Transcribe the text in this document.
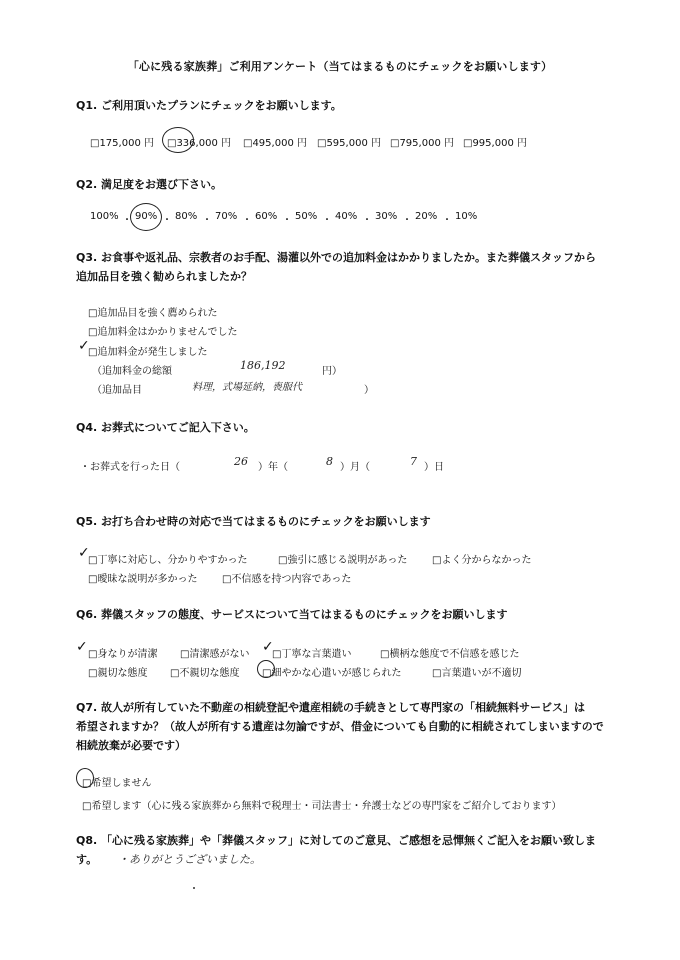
「心に残る家族葬」ご利用アンケート（当てはまるものにチェックをお願いします）
Q1. ご利用頂いたプランにチェックをお願いします。
□175,000 円 □336,000 円 □495,000 円 □595,000 円 □795,000 円 □995,000 円
Q2. 満足度をお選び下さい。
100% ・ 90% ・ 80% ・ 70% ・ 60% ・ 50% ・ 40% ・ 30% ・ 20% ・ 10%
Q3. お食事や返礼品、宗教者のお手配、湯灌以外での追加料金はかかりましたか。また葬儀スタッフから
追加品目を強く勧められましたか？
□追加品目を強く薦められた
□追加料金はかかりませんでした
□追加料金が発生しました
✓
（追加料金の総額	186,192	円）
（追加品目	料理，式場延納，喪服代	）
Q4. お葬式についてご記入下さい。
・お葬式を行った日（	26 ）年（	8 ）月（	7 ）日
Q5. お打ち合わせ時の対応で当てはまるものにチェックをお願いします
□丁寧に対応し、分かりやすかった
✓	□強引に感じる説明があった □よく分からなかった
□曖昧な説明が多かった □不信感を持つ内容であった
Q6. 葬儀スタッフの態度、サービスについて当てはまるものにチェックをお願いします
□身なりが清潔
✓	□清潔感がない □丁寧な言葉遣い
✓	□横柄な態度で不信感を感じた
□親切な態度 □不親切な態度 □細やかな心遣いが感じられた	□言葉遣いが不適切
Q7. 故人が所有していた不動産の相続登記や遺産相続の手続きとして専門家の「相続無料サービス」は
希望されますか？（故人が所有する遺産は勿論ですが、借金についても自動的に相続されてしまいますので
相続放棄が必要です）
□希望しません
□希望します（心に残る家族葬から無料で税理士・司法書士・弁護士などの専門家をご紹介しております）
Q8. 「心に残る家族葬」や「葬儀スタッフ」に対してのご意見、ご感想を忌憚無くご記入をお願い致します。	・ありがとうございました。
